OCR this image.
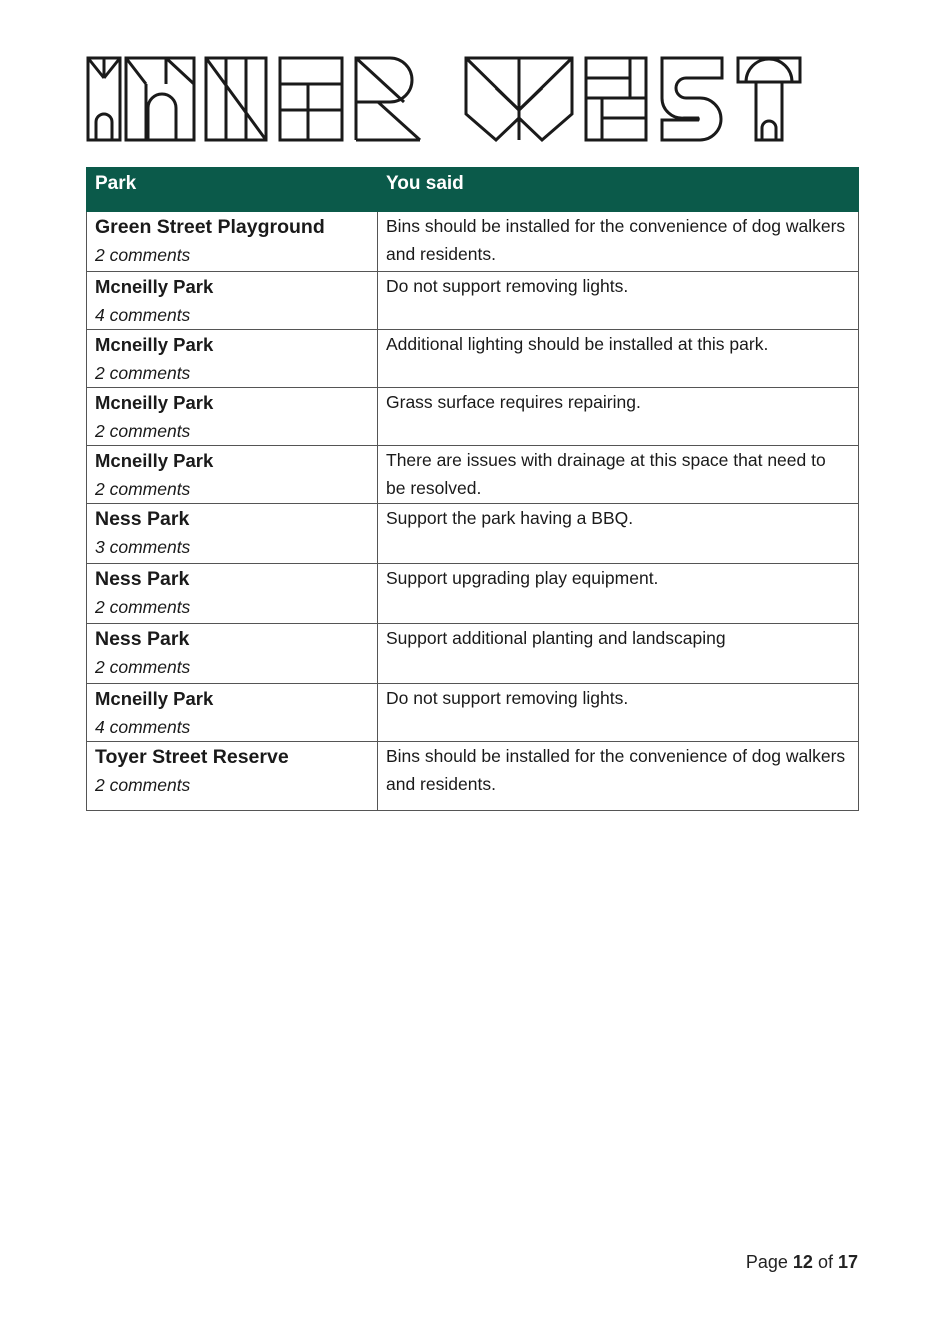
Park	You said

Green Street Playground
2 comments	Bins should be installed for the convenience of dog walkers and residents.

Mcneilly Park
4 comments	Do not support removing lights.

Mcneilly Park
2 comments	Additional lighting should be installed at this park.

Mcneilly Park
2 comments	Grass surface requires repairing.

Mcneilly Park
2 comments	There are issues with drainage at this space that need to be resolved.

Ness Park
3 comments	Support the park having a BBQ.

Ness Park
2 comments	Support upgrading play equipment.

Ness Park
2 comments	Support additional planting and landscaping

Mcneilly Park
4 comments	Do not support removing lights.

Toyer Street Reserve
2 comments	Bins should be installed for the convenience of dog walkers and residents.
Page 12 of 17
